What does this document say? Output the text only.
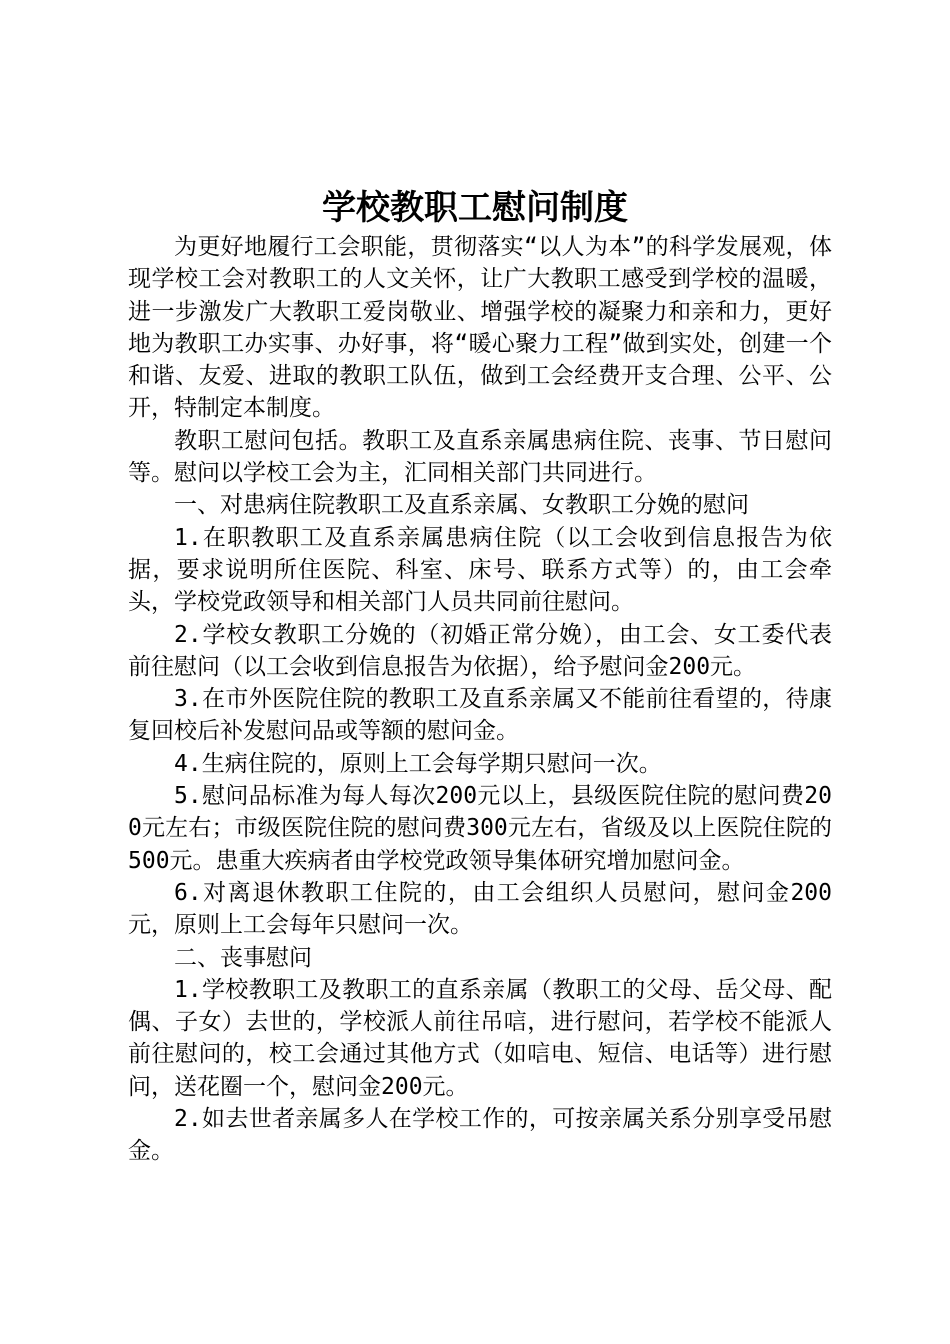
学校教职工慰问制度

为更好地履行工会职能，贯彻落实“以人为本”的科学发展观，体现学校工会对教职工的人文关怀，让广大教职工感受到学校的温暖，进一步激发广大教职工爱岗敬业、增强学校的凝聚力和亲和力，更好地为教职工办实事、办好事，将“暖心聚力工程”做到实处，创建一个和谐、友爱、进取的教职工队伍，做到工会经费开支合理、公平、公开，特制定本制度。

教职工慰问包括。教职工及直系亲属患病住院、丧事、节日慰问等。慰问以学校工会为主，汇同相关部门共同进行。

一、对患病住院教职工及直系亲属、女教职工分娩的慰问

1.在职教职工及直系亲属患病住院（以工会收到信息报告为依据，要求说明所住医院、科室、床号、联系方式等）的，由工会牵头，学校党政领导和相关部门人员共同前往慰问。

2.学校女教职工分娩的（初婚正常分娩），由工会、女工委代表前往慰问（以工会收到信息报告为依据），给予慰问金200元。

3.在市外医院住院的教职工及直系亲属又不能前往看望的，待康复回校后补发慰问品或等额的慰问金。

4.生病住院的，原则上工会每学期只慰问一次。

5.慰问品标准为每人每次200元以上，县级医院住院的慰问费200元左右；市级医院住院的慰问费300元左右，省级及以上医院住院的500元。患重大疾病者由学校党政领导集体研究增加慰问金。

6.对离退休教职工住院的，由工会组织人员慰问，慰问金200元，原则上工会每年只慰问一次。

二、丧事慰问

1.学校教职工及教职工的直系亲属（教职工的父母、岳父母、配偶、子女）去世的，学校派人前往吊唁，进行慰问，若学校不能派人前往慰问的，校工会通过其他方式（如唁电、短信、电话等）进行慰问，送花圈一个，慰问金200元。

2.如去世者亲属多人在学校工作的，可按亲属关系分别享受吊慰金。
